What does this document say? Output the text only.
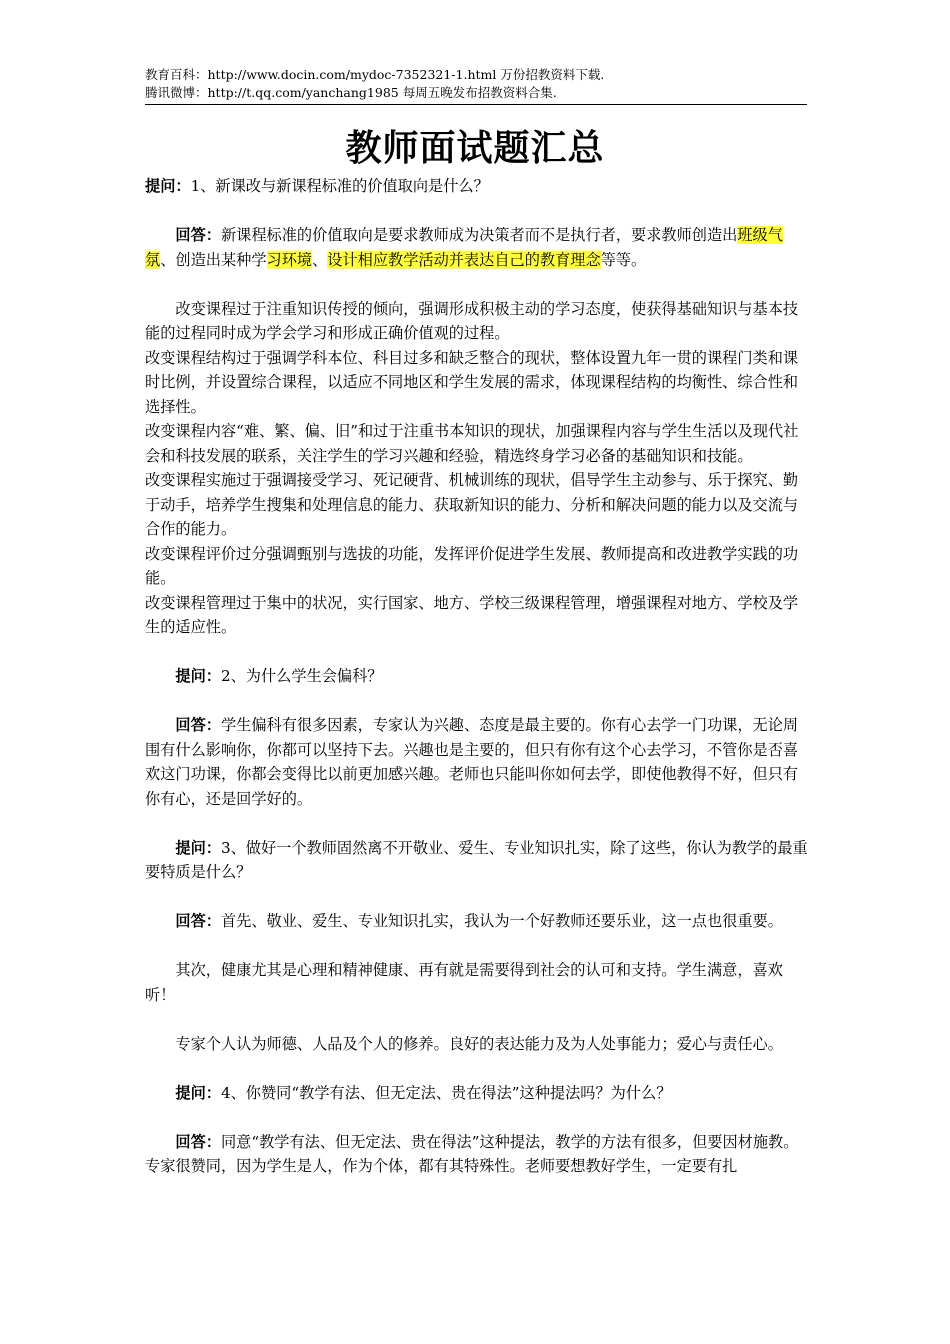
教育百科：http://www.docin.com/mydoc-7352321-1.html 万份招教资料下载.
腾讯微博：http://t.qq.com/yanchang1985 每周五晚发布招教资料合集.
教师面试题汇总

提问：1、新课改与新课程标准的价值取向是什么？

回答：新课程标准的价值取向是要求教师成为决策者而不是执行者，要求教师创造出班级气氛、创造出某种学习环境、设计相应教学活动并表达自己的教育理念等等。

改变课程过于注重知识传授的倾向，强调形成积极主动的学习态度，使获得基础知识与基本技能的过程同时成为学会学习和形成正确价值观的过程。

改变课程结构过于强调学科本位、科目过多和缺乏整合的现状，整体设置九年一贯的课程门类和课时比例，并设置综合课程，以适应不同地区和学生发展的需求，体现课程结构的均衡性、综合性和选择性。

改变课程内容“难、繁、偏、旧”和过于注重书本知识的现状，加强课程内容与学生生活以及现代社会和科技发展的联系，关注学生的学习兴趣和经验，精选终身学习必备的基础知识和技能。

改变课程实施过于强调接受学习、死记硬背、机械训练的现状，倡导学生主动参与、乐于探究、勤于动手，培养学生搜集和处理信息的能力、获取新知识的能力、分析和解决问题的能力以及交流与合作的能力。

改变课程评价过分强调甄别与选拔的功能，发挥评价促进学生发展、教师提高和改进教学实践的功能。

改变课程管理过于集中的状况，实行国家、地方、学校三级课程管理，增强课程对地方、学校及学生的适应性。

提问：2、为什么学生会偏科？

回答：学生偏科有很多因素，专家认为兴趣、态度是最主要的。你有心去学一门功课，无论周围有什么影响你，你都可以坚持下去。兴趣也是主要的，但只有你有这个心去学习，不管你是否喜欢这门功课，你都会变得比以前更加感兴趣。老师也只能叫你如何去学，即使他教得不好，但只有你有心，还是回学好的。

提问：3、做好一个教师固然离不开敬业、爱生、专业知识扎实，除了这些，你认为教学的最重要特质是什么？

回答：首先、敬业、爱生、专业知识扎实，我认为一个好教师还要乐业，这一点也很重要。

其次，健康尤其是心理和精神健康、再有就是需要得到社会的认可和支持。学生满意，喜欢听！

专家个人认为师德、人品及个人的修养。良好的表达能力及为人处事能力；爱心与责任心。

提问：4、你赞同“教学有法、但无定法、贵在得法”这种提法吗？为什么？

回答：同意“教学有法、但无定法、贵在得法”这种提法，教学的方法有很多，但要因材施教。专家很赞同，因为学生是人，作为个体，都有其特殊性。老师要想教好学生，一定要有扎
